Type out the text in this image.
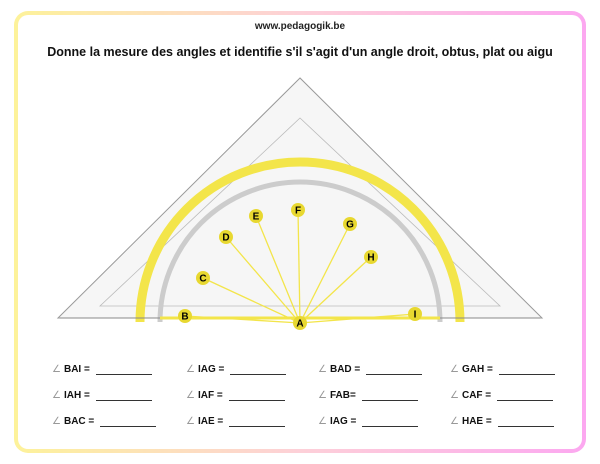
www.pedagogik.be
Donne la mesure des angles et identifie s'il s'agit d'un angle droit, obtus, plat ou aigu
A
B
C
D
E
F
G
H
I
∠ BAI =	∠ IAG =	∠ BAD =	∠ GAH =
∠ IAH =	∠ IAF =	∠ FAB=	∠ CAF =
∠ BAC =	∠ IAE =	∠ IAG =	∠ HAE =
